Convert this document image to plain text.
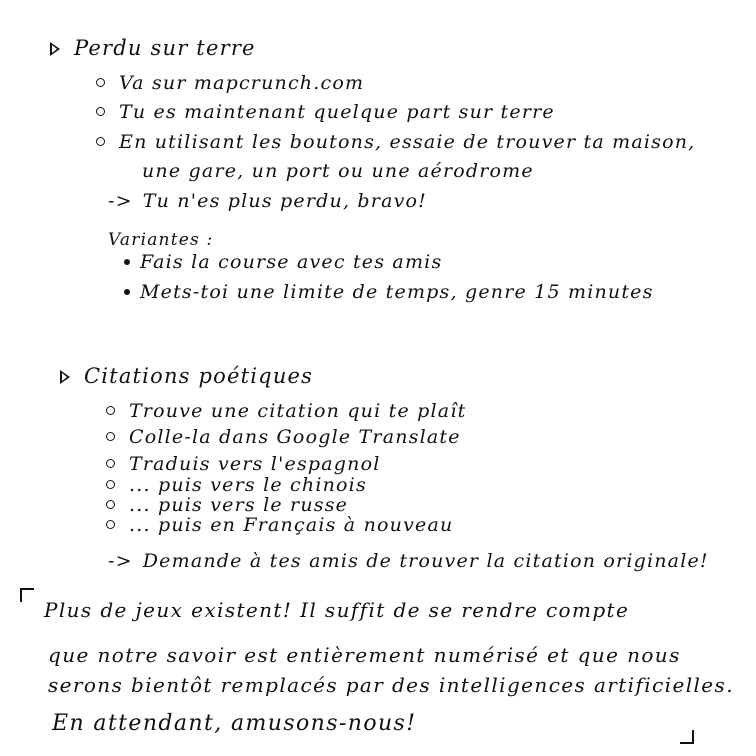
Perdu sur terre
Va sur mapcrunch.com
Tu es maintenant quelque part sur terre
En utilisant les boutons, essaie de trouver ta maison,
une gare, un port ou une aérodrome
-> Tu n'es plus perdu, bravo!
Variantes :
Fais la course avec tes amis
Mets-toi une limite de temps, genre 15 minutes
Citations poétiques
Trouve une citation qui te plaît
Colle-la dans Google Translate
Traduis vers l'espagnol
... puis vers le chinois
... puis vers le russe
... puis en Français à nouveau
-> Demande à tes amis de trouver la citation originale!
Plus de jeux existent! Il suffit de se rendre compte
que notre savoir est entièrement numérisé et que nous
serons bientôt remplacés par des intelligences artificielles.
En attendant, amusons-nous!
